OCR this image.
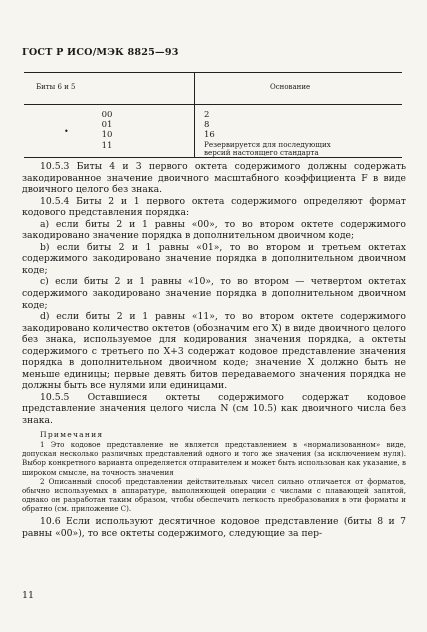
ГОСТ Р ИСО/МЭК 8825—93
Биты 6 и 5	Основание
00
01
10
11
2
8
16
Резервируется для последующих
версий настоящего стандарта
•

10.5.3 Биты 4 и 3 первого октета содержимого должны содержать закодированное значение двоичного масштабного коэффициента F в виде двоичного целого без знака.

10.5.4 Биты 2 и 1 первого октета содержимого определяют формат кодового представления порядка:

а) если биты 2 и 1 равны «00», то во втором октете содержимого закодировано значение порядка в дополнительном двоичном коде;

b) если биты 2 и 1 равны «01», то во втором и третьем октетах содержимого закодировано значение порядка в дополнительном двоичном коде;

с) если биты 2 и 1 равны «10», то во втором — четвертом октетах содержимого закодировано значение порядка в дополнительном двоичном коде;

d) если биты 2 и 1 равны «11», то во втором октете содержимого закодировано количество октетов (обозначим его X) в виде двоичного целого без знака, используемое для кодирования значения порядка, а октеты содержимого с третьего по X+3 содержат кодовое представление значения порядка в дополнительном двоичном коде; значение X должно быть не меньше единицы; первые девять битов передаваемого значения порядка не должны быть все нулями или единицами.

10.5.5 Оставшиеся октеты содержимого содержат кодовое представление значения целого числа N (см 10.5) как двоичного числа без знака.

Примечания

1 Это кодовое представление не является представлением в «нормализованном» виде, допуская несколько различных представлений одного и того же значения (за исключением нуля). Выбор конкретного варианта определяется отправителем и может быть использован как указание, в широком смысле, на точность значения

2 Описанный способ представлении действительных чисел сильно отличается от форматов, обычно используемых в аппаратуре, выполняющей операции с числами с плавающей запятой, однако он разработан таким образом, чтобы обеспечить легкость преобразования в эти форматы и обратно (см. приложение С).

10.6 Если используют десятичное кодовое представление (биты 8 и 7 равны «00»), то все октеты содержимого, следующие за пер-

11
